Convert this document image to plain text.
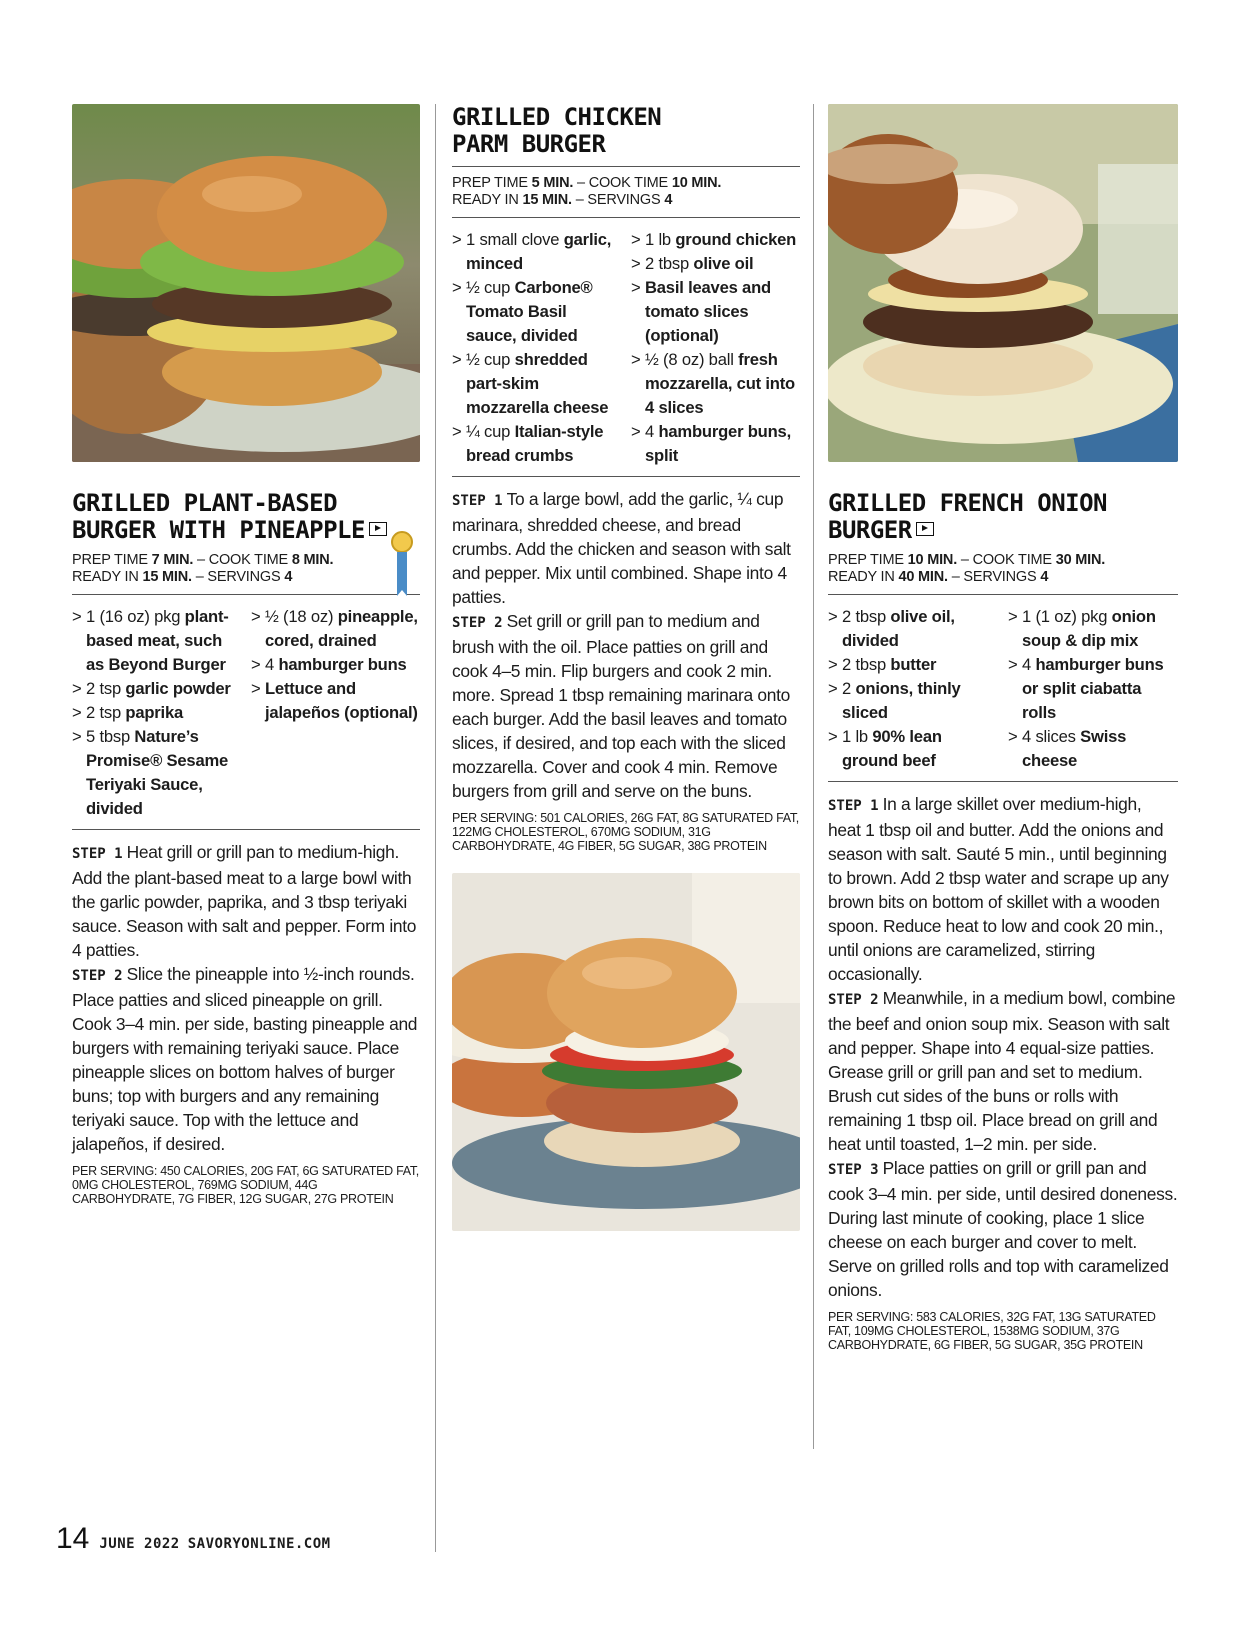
GRILLED PLANT-BASED
BURGER WITH PINEAPPLE
PREP TIME 7 MIN. – COOK TIME 8 MIN.
READY IN 15 MIN. – SERVINGS 4
> 1 (16 oz) pkg plant-based meat, such as Beyond Burger
> 2 tsp garlic powder
> 2 tsp paprika
> 5 tbsp Nature’s Promise® Sesame Teriyaki Sauce, divided
> ½ (18 oz) pineapple, cored, drained
> 4 hamburger buns
> Lettuce and jalapeños (optional)

STEP 1 Heat grill or grill pan to medium-high. Add the plant-based meat to a large bowl with the garlic powder, paprika, and 3 tbsp teriyaki sauce. Season with salt and pepper. Form into 4 patties.

STEP 2 Slice the pineapple into ½-inch rounds. Place patties and sliced pineapple on grill. Cook 3–4 min. per side, basting pineapple and burgers with remaining teriyaki sauce. Place pineapple slices on bottom halves of burger buns; top with burgers and any remaining teriyaki sauce. Top with the lettuce and jalapeños, if desired.

PER SERVING: 450 CALORIES, 20G FAT, 6G SATURATED FAT, 0MG CHOLESTEROL, 769MG SODIUM, 44G CARBOHYDRATE, 7G FIBER, 12G SUGAR, 27G PROTEIN
GRILLED CHICKEN
PARM BURGER
PREP TIME 5 MIN. – COOK TIME 10 MIN.
READY IN 15 MIN. – SERVINGS 4
> 1 small clove garlic, minced
> ½ cup Carbone® Tomato Basil sauce, divided
> ½ cup shredded part-skim mozzarella cheese
> ¼ cup Italian-style bread crumbs
> 1 lb ground chicken
> 2 tbsp olive oil
> Basil leaves and tomato slices (optional)
> ½ (8 oz) ball fresh mozzarella, cut into 4 slices
> 4 hamburger buns, split

STEP 1 To a large bowl, add the garlic, ¼ cup marinara, shredded cheese, and bread crumbs. Add the chicken and season with salt and pepper. Mix until combined. Shape into 4 patties.

STEP 2 Set grill or grill pan to medium and brush with the oil. Place patties on grill and cook 4–5 min. Flip burgers and cook 2 min. more. Spread 1 tbsp remaining marinara onto each burger. Add the basil leaves and tomato slices, if desired, and top each with the sliced mozzarella. Cover and cook 4 min. Remove burgers from grill and serve on the buns.

PER SERVING: 501 CALORIES, 26G FAT, 8G SATURATED FAT, 122MG CHOLESTEROL, 670MG SODIUM, 31G CARBOHYDRATE, 4G FIBER, 5G SUGAR, 38G PROTEIN
GRILLED FRENCH ONION
BURGER
PREP TIME 10 MIN. – COOK TIME 30 MIN.
READY IN 40 MIN. – SERVINGS 4
> 2 tbsp olive oil, divided
> 2 tbsp butter
> 2 onions, thinly sliced
> 1 lb 90% lean ground beef
> 1 (1 oz) pkg onion soup & dip mix
> 4 hamburger buns or split ciabatta rolls
> 4 slices Swiss cheese

STEP 1 In a large skillet over medium-high, heat 1 tbsp oil and butter. Add the onions and season with salt. Sauté 5 min., until beginning to brown. Add 2 tbsp water and scrape up any brown bits on bottom of skillet with a wooden spoon. Reduce heat to low and cook 20 min., until onions are caramelized, stirring occasionally.

STEP 2 Meanwhile, in a medium bowl, combine the beef and onion soup mix. Season with salt and pepper. Shape into 4 equal-size patties. Grease grill or grill pan and set to medium. Brush cut sides of the buns or rolls with remaining 1 tbsp oil. Place bread on grill and heat until toasted, 1–2 min. per side.

STEP 3 Place patties on grill or grill pan and cook 3–4 min. per side, until desired doneness. During last minute of cooking, place 1 slice cheese on each burger and cover to melt. Serve on grilled rolls and top with caramelized onions.

PER SERVING: 583 CALORIES, 32G FAT, 13G SATURATED FAT, 109MG CHOLESTEROL, 1538MG SODIUM, 37G CARBOHYDRATE, 6G FIBER, 5G SUGAR, 35G PROTEIN
14 JUNE 2022 SAVORYONLINE.COM
